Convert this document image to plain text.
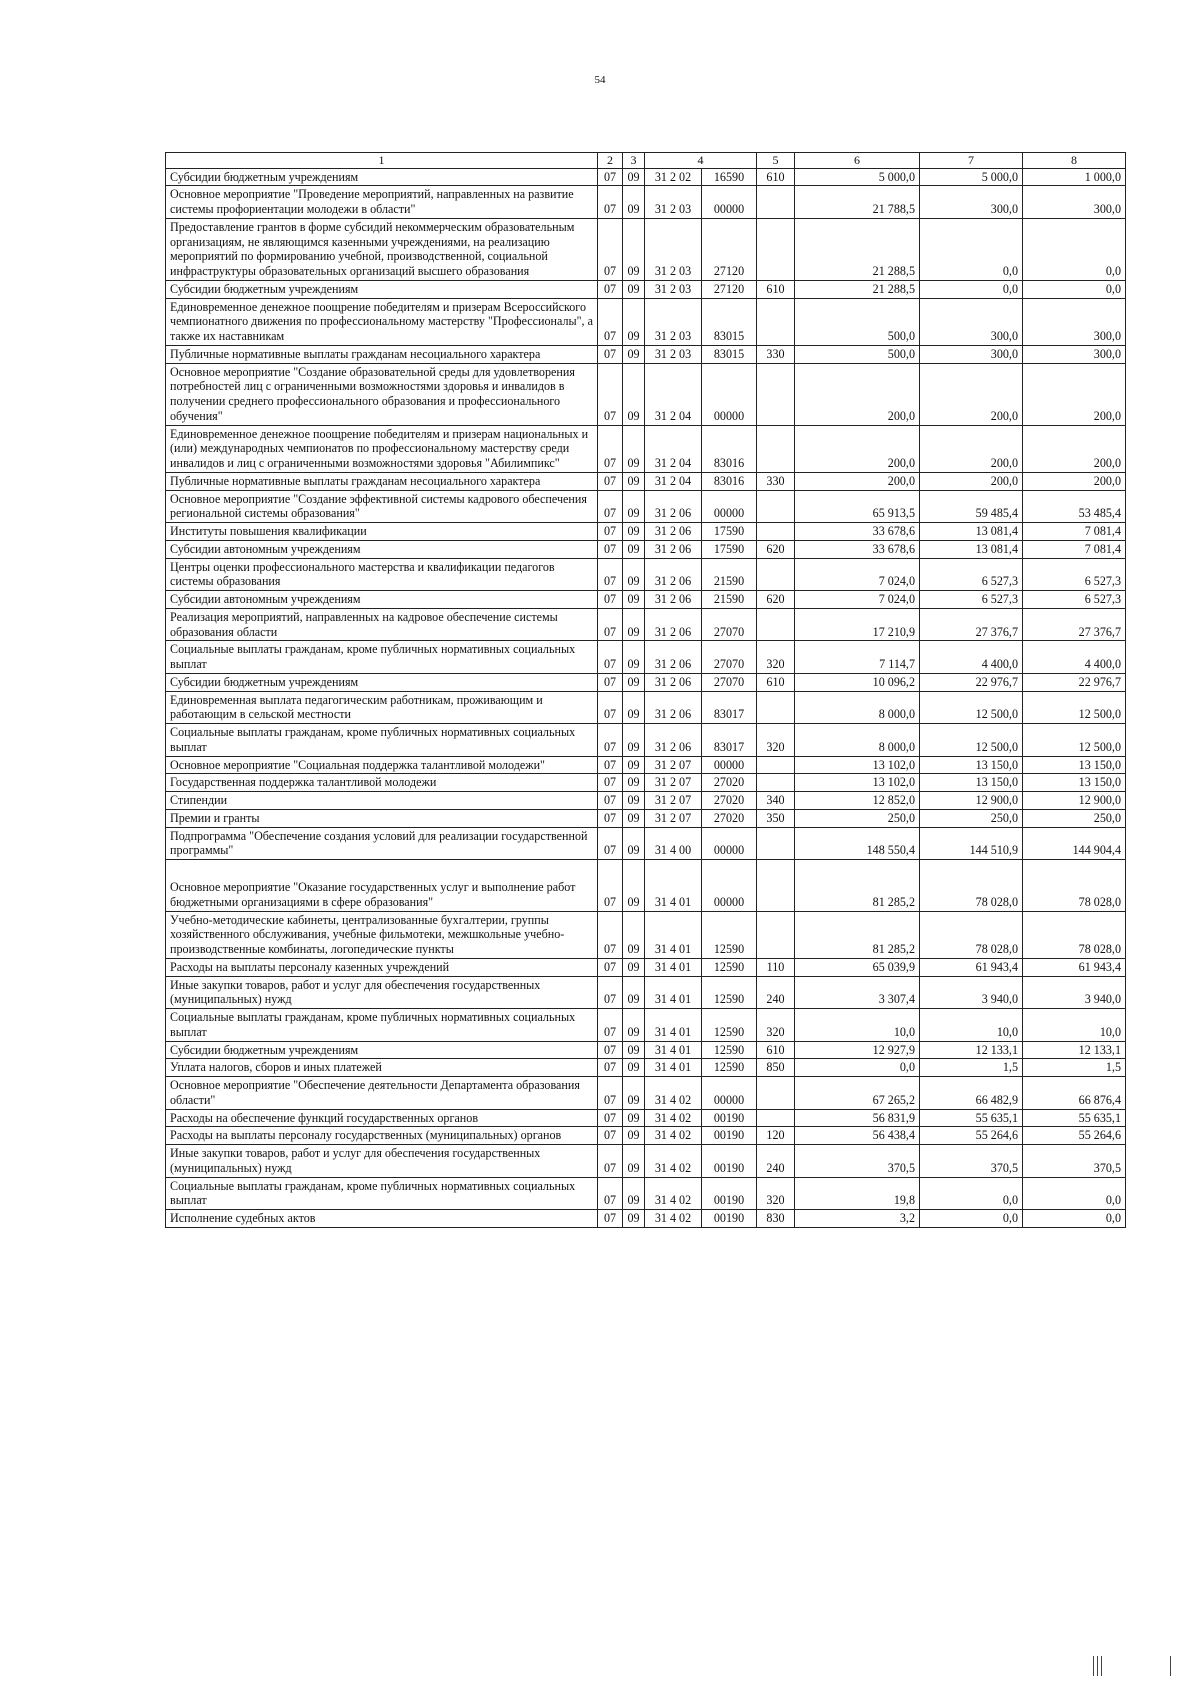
54
1	2	3	4		5	6	7	8
Субсидии бюджетным учреждениям	07	09	31 2 02	16590	610	5 000,0	5 000,0	1 000,0
Основное мероприятие "Проведение мероприятий, направленных на развитие системы профориентации молодежи в области"	07	09	31 2 03	00000		21 788,5	300,0	300,0
Предоставление грантов в форме субсидий некоммерческим образовательным организациям, не являющимся казенными учреждениями, на реализацию мероприятий по формированию учебной, производственной, социальной инфраструктуры образовательных организаций высшего образования	07	09	31 2 03	27120		21 288,5	0,0	0,0
Субсидии бюджетным учреждениям	07	09	31 2 03	27120	610	21 288,5	0,0	0,0
Единовременное денежное поощрение победителям и призерам Всероссийского чемпионатного движения по профессиональному мастерству "Профессионалы", а также их наставникам	07	09	31 2 03	83015		500,0	300,0	300,0
Публичные нормативные выплаты гражданам несоциального характера	07	09	31 2 03	83015	330	500,0	300,0	300,0
Основное мероприятие "Создание образовательной среды для удовлетворения потребностей лиц с ограниченными возможностями здоровья и инвалидов в получении среднего профессионального образования и профессионального обучения"	07	09	31 2 04	00000		200,0	200,0	200,0
Единовременное денежное поощрение победителям и призерам национальных и (или) международных чемпионатов по профессиональному мастерству среди инвалидов и лиц с ограниченными возможностями здоровья "Абилимпикс"	07	09	31 2 04	83016		200,0	200,0	200,0
Публичные нормативные выплаты гражданам несоциального характера	07	09	31 2 04	83016	330	200,0	200,0	200,0
Основное мероприятие "Создание эффективной системы кадрового обеспечения региональной системы образования"	07	09	31 2 06	00000		65 913,5	59 485,4	53 485,4
Институты повышения квалификации	07	09	31 2 06	17590		33 678,6	13 081,4	7 081,4
Субсидии автономным учреждениям	07	09	31 2 06	17590	620	33 678,6	13 081,4	7 081,4
Центры оценки профессионального мастерства и квалификации педагогов системы образования	07	09	31 2 06	21590		7 024,0	6 527,3	6 527,3
Субсидии автономным учреждениям	07	09	31 2 06	21590	620	7 024,0	6 527,3	6 527,3
Реализация мероприятий, направленных на кадровое обеспечение системы образования области	07	09	31 2 06	27070		17 210,9	27 376,7	27 376,7
Социальные выплаты гражданам, кроме публичных нормативных социальных выплат	07	09	31 2 06	27070	320	7 114,7	4 400,0	4 400,0
Субсидии бюджетным учреждениям	07	09	31 2 06	27070	610	10 096,2	22 976,7	22 976,7
Единовременная выплата педагогическим работникам, проживающим и работающим в сельской местности	07	09	31 2 06	83017		8 000,0	12 500,0	12 500,0
Социальные выплаты гражданам, кроме публичных нормативных социальных выплат	07	09	31 2 06	83017	320	8 000,0	12 500,0	12 500,0
Основное мероприятие "Социальная поддержка талантливой молодежи"	07	09	31 2 07	00000		13 102,0	13 150,0	13 150,0
Государственная поддержка талантливой молодежи	07	09	31 2 07	27020		13 102,0	13 150,0	13 150,0
Стипендии	07	09	31 2 07	27020	340	12 852,0	12 900,0	12 900,0
Премии и гранты	07	09	31 2 07	27020	350	250,0	250,0	250,0
Подпрограмма "Обеспечение создания условий для реализации государственной программы"	07	09	31 4 00	00000		148 550,4	144 510,9	144 904,4
Основное мероприятие "Оказание государственных услуг и выполнение работ бюджетными организациями в сфере образования"	07	09	31 4 01	00000		81 285,2	78 028,0	78 028,0
Учебно-методические кабинеты, централизованные бухгалтерии, группы хозяйственного обслуживания, учебные фильмотеки, межшкольные учебно-производственные комбинаты, логопедические пункты	07	09	31 4 01	12590		81 285,2	78 028,0	78 028,0
Расходы на выплаты персоналу казенных учреждений	07	09	31 4 01	12590	110	65 039,9	61 943,4	61 943,4
Иные закупки товаров, работ и услуг для обеспечения государственных (муниципальных) нужд	07	09	31 4 01	12590	240	3 307,4	3 940,0	3 940,0
Социальные выплаты гражданам, кроме публичных нормативных социальных выплат	07	09	31 4 01	12590	320	10,0	10,0	10,0
Субсидии бюджетным учреждениям	07	09	31 4 01	12590	610	12 927,9	12 133,1	12 133,1
Уплата налогов, сборов и иных платежей	07	09	31 4 01	12590	850	0,0	1,5	1,5
Основное мероприятие "Обеспечение деятельности Департамента образования области"	07	09	31 4 02	00000		67 265,2	66 482,9	66 876,4
Расходы на обеспечение функций государственных органов	07	09	31 4 02	00190		56 831,9	55 635,1	55 635,1
Расходы на выплаты персоналу государственных (муниципальных) органов	07	09	31 4 02	00190	120	56 438,4	55 264,6	55 264,6
Иные закупки товаров, работ и услуг для обеспечения государственных (муниципальных) нужд	07	09	31 4 02	00190	240	370,5	370,5	370,5
Социальные выплаты гражданам, кроме публичных нормативных социальных выплат	07	09	31 4 02	00190	320	19,8	0,0	0,0
Исполнение судебных актов	07	09	31 4 02	00190	830	3,2	0,0	0,0
